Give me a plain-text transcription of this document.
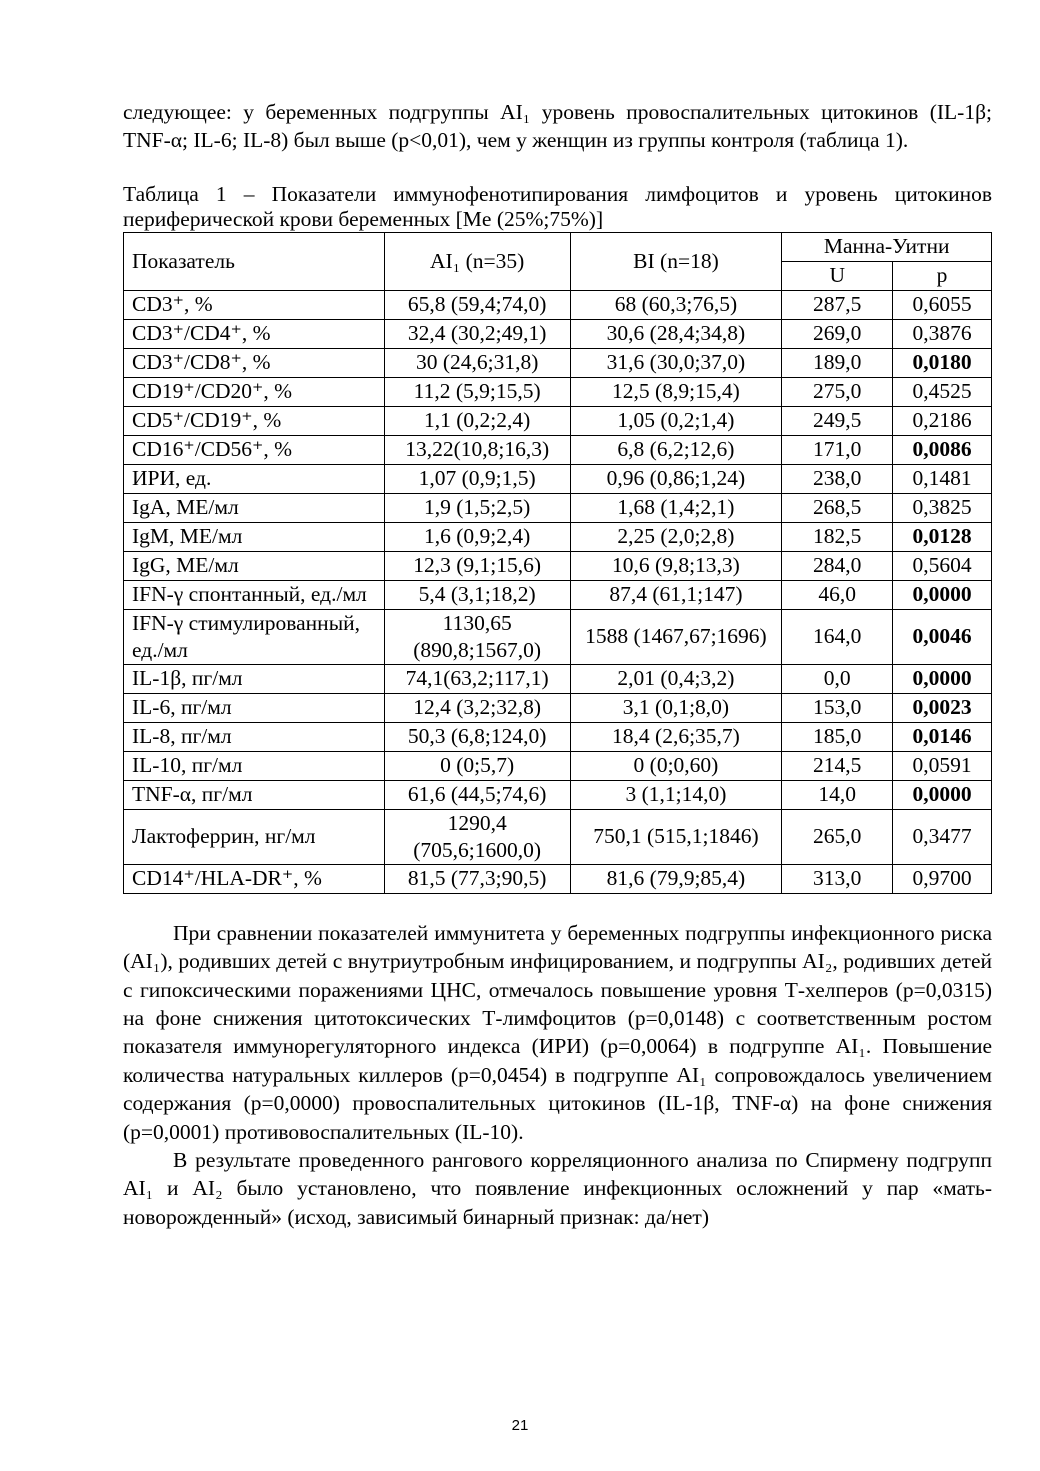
следующее: у беременных подгруппы AI₁ уровень провоспалительных цитокинов (IL-1β; TNF-α; IL-6; IL-8) был выше (p<0,01), чем у женщин из группы контроля (таблица 1).

Таблица 1 – Показатели иммунофенотипирования лимфоцитов и уровень цитокинов периферической крови беременных [Me (25%;75%)]

Показатель	AI₁ (n=35)	BI (n=18)	Манна-Уитни	
			U	p
CD3⁺, %	65,8 (59,4;74,0)	68 (60,3;76,5)	287,5	0,6055
CD3⁺/CD4⁺, %	32,4 (30,2;49,1)	30,6 (28,4;34,8)	269,0	0,3876
CD3⁺/CD8⁺, %	30 (24,6;31,8)	31,6 (30,0;37,0)	189,0	0,0180
CD19⁺/CD20⁺, %	11,2 (5,9;15,5)	12,5 (8,9;15,4)	275,0	0,4525
CD5⁺/CD19⁺, %	1,1 (0,2;2,4)	1,05 (0,2;1,4)	249,5	0,2186
CD16⁺/CD56⁺, %	13,22(10,8;16,3)	6,8 (6,2;12,6)	171,0	0,0086
ИРИ, ед.	1,07 (0,9;1,5)	0,96 (0,86;1,24)	238,0	0,1481
IgA, МЕ/мл	1,9 (1,5;2,5)	1,68 (1,4;2,1)	268,5	0,3825
IgM, МЕ/мл	1,6 (0,9;2,4)	2,25 (2,0;2,8)	182,5	0,0128
IgG, МЕ/мл	12,3 (9,1;15,6)	10,6 (9,8;13,3)	284,0	0,5604
IFN-γ спонтанный, ед./мл	5,4 (3,1;18,2)	87,4 (61,1;147)	46,0	0,0000
IFN-γ стимулированный, ед./мл	1130,65 (890,8;1567,0)	1588 (1467,67;1696)	164,0	0,0046
IL-1β, пг/мл	74,1(63,2;117,1)	2,01 (0,4;3,2)	0,0	0,0000
IL-6, пг/мл	12,4 (3,2;32,8)	3,1 (0,1;8,0)	153,0	0,0023
IL-8, пг/мл	50,3 (6,8;124,0)	18,4 (2,6;35,7)	185,0	0,0146
IL-10, пг/мл	0 (0;5,7)	0 (0;0,60)	214,5	0,0591
TNF-α, пг/мл	61,6 (44,5;74,6)	3 (1,1;14,0)	14,0	0,0000
Лактоферрин, нг/мл	1290,4 (705,6;1600,0)	750,1 (515,1;1846)	265,0	0,3477
CD14⁺/HLA-DR⁺, %	81,5 (77,3;90,5)	81,6 (79,9;85,4)	313,0	0,9700

При сравнении показателей иммунитета у беременных подгруппы инфекционного риска (AI₁), родивших детей с внутриутробным инфицированием, и подгруппы AI₂, родивших детей с гипоксическими поражениями ЦНС, отмечалось повышение уровня Т-хелперов (p=0,0315) на фоне снижения цитотоксических Т-лимфоцитов (p=0,0148) с соответственным ростом показателя иммунорегуляторного индекса (ИРИ) (p=0,0064) в подгруппе AI₁. Повышение количества натуральных киллеров (p=0,0454) в подгруппе AI₁ сопровождалось увеличением содержания (p=0,0000) провоспалительных цитокинов (IL-1β, TNF-α) на фоне снижения (p=0,0001) противовоспалительных (IL-10).

В результате проведенного рангового корреляционного анализа по Спирмену подгрупп AI₁ и AI₂ было установлено, что появление инфекционных осложнений у пар «мать-новорожденный» (исход, зависимый бинарный признак: да/нет)

21
